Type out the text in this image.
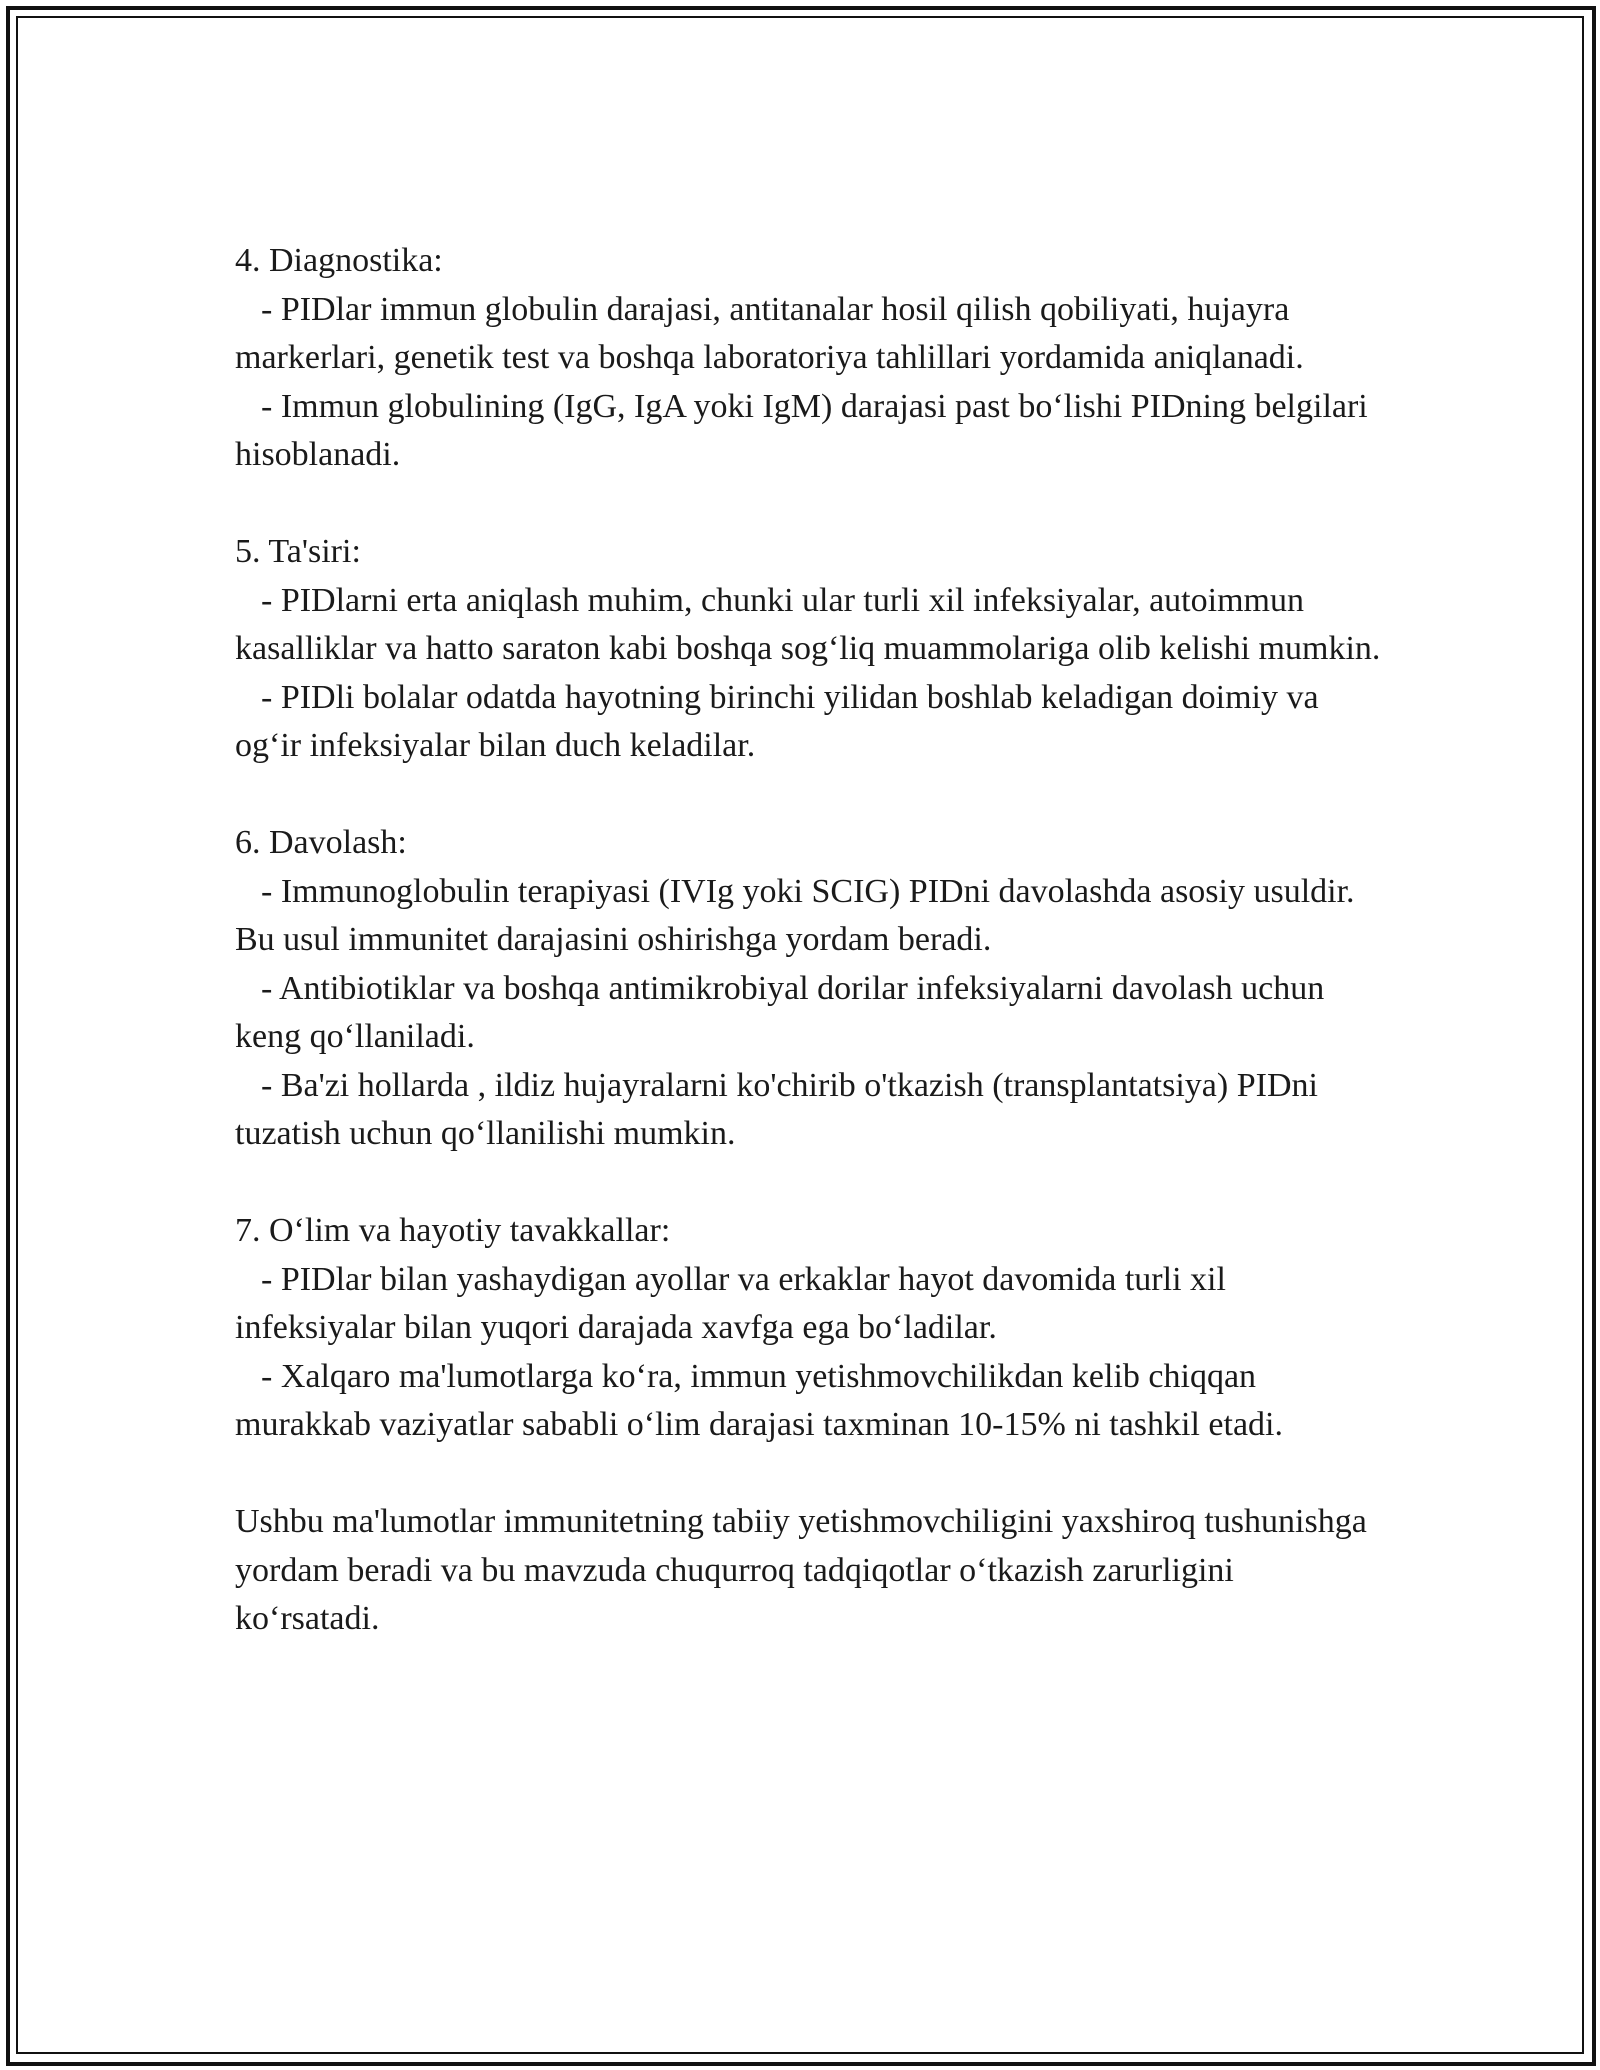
4. Diagnostika:

- PIDlar immun globulin darajasi, antitanalar hosil qilish qobiliyati, hujayra markerlari, genetik test va boshqa laboratoriya tahlillari yordamida aniqlanadi.

- Immun globulining (IgG, IgA yoki IgM) darajasi past bo‘lishi PIDning belgilari hisoblanadi.

5. Ta'siri:

- PIDlarni erta aniqlash muhim, chunki ular turli xil infeksiyalar, autoimmun kasalliklar va hatto saraton kabi boshqa sog‘liq muammolariga olib kelishi mumkin.

- PIDli bolalar odatda hayotning birinchi yilidan boshlab keladigan doimiy va og‘ir infeksiyalar bilan duch keladilar.

6. Davolash:

- Immunoglobulin terapiyasi (IVIg yoki SCIG) PIDni davolashda asosiy usuldir. Bu usul immunitet darajasini oshirishga yordam beradi.

- Antibiotiklar va boshqa antimikrobiyal dorilar infeksiyalarni davolash uchun keng qo‘llaniladi.

- Ba'zi hollarda , ildiz hujayralarni ko'chirib o'tkazish (transplantatsiya) PIDni tuzatish uchun qo‘llanilishi mumkin.

7. O‘lim va hayotiy tavakkallar:

- PIDlar bilan yashaydigan ayollar va erkaklar hayot davomida turli xil infeksiyalar bilan yuqori darajada xavfga ega bo‘ladilar.

- Xalqaro ma'lumotlarga ko‘ra, immun yetishmovchilikdan kelib chiqqan murakkab vaziyatlar sababli o‘lim darajasi taxminan 10-15% ni tashkil etadi.

Ushbu ma'lumotlar immunitetning tabiiy yetishmovchiligini yaxshiroq tushunishga yordam beradi va bu mavzuda chuqurroq tadqiqotlar o‘tkazish zarurligini ko‘rsatadi.
